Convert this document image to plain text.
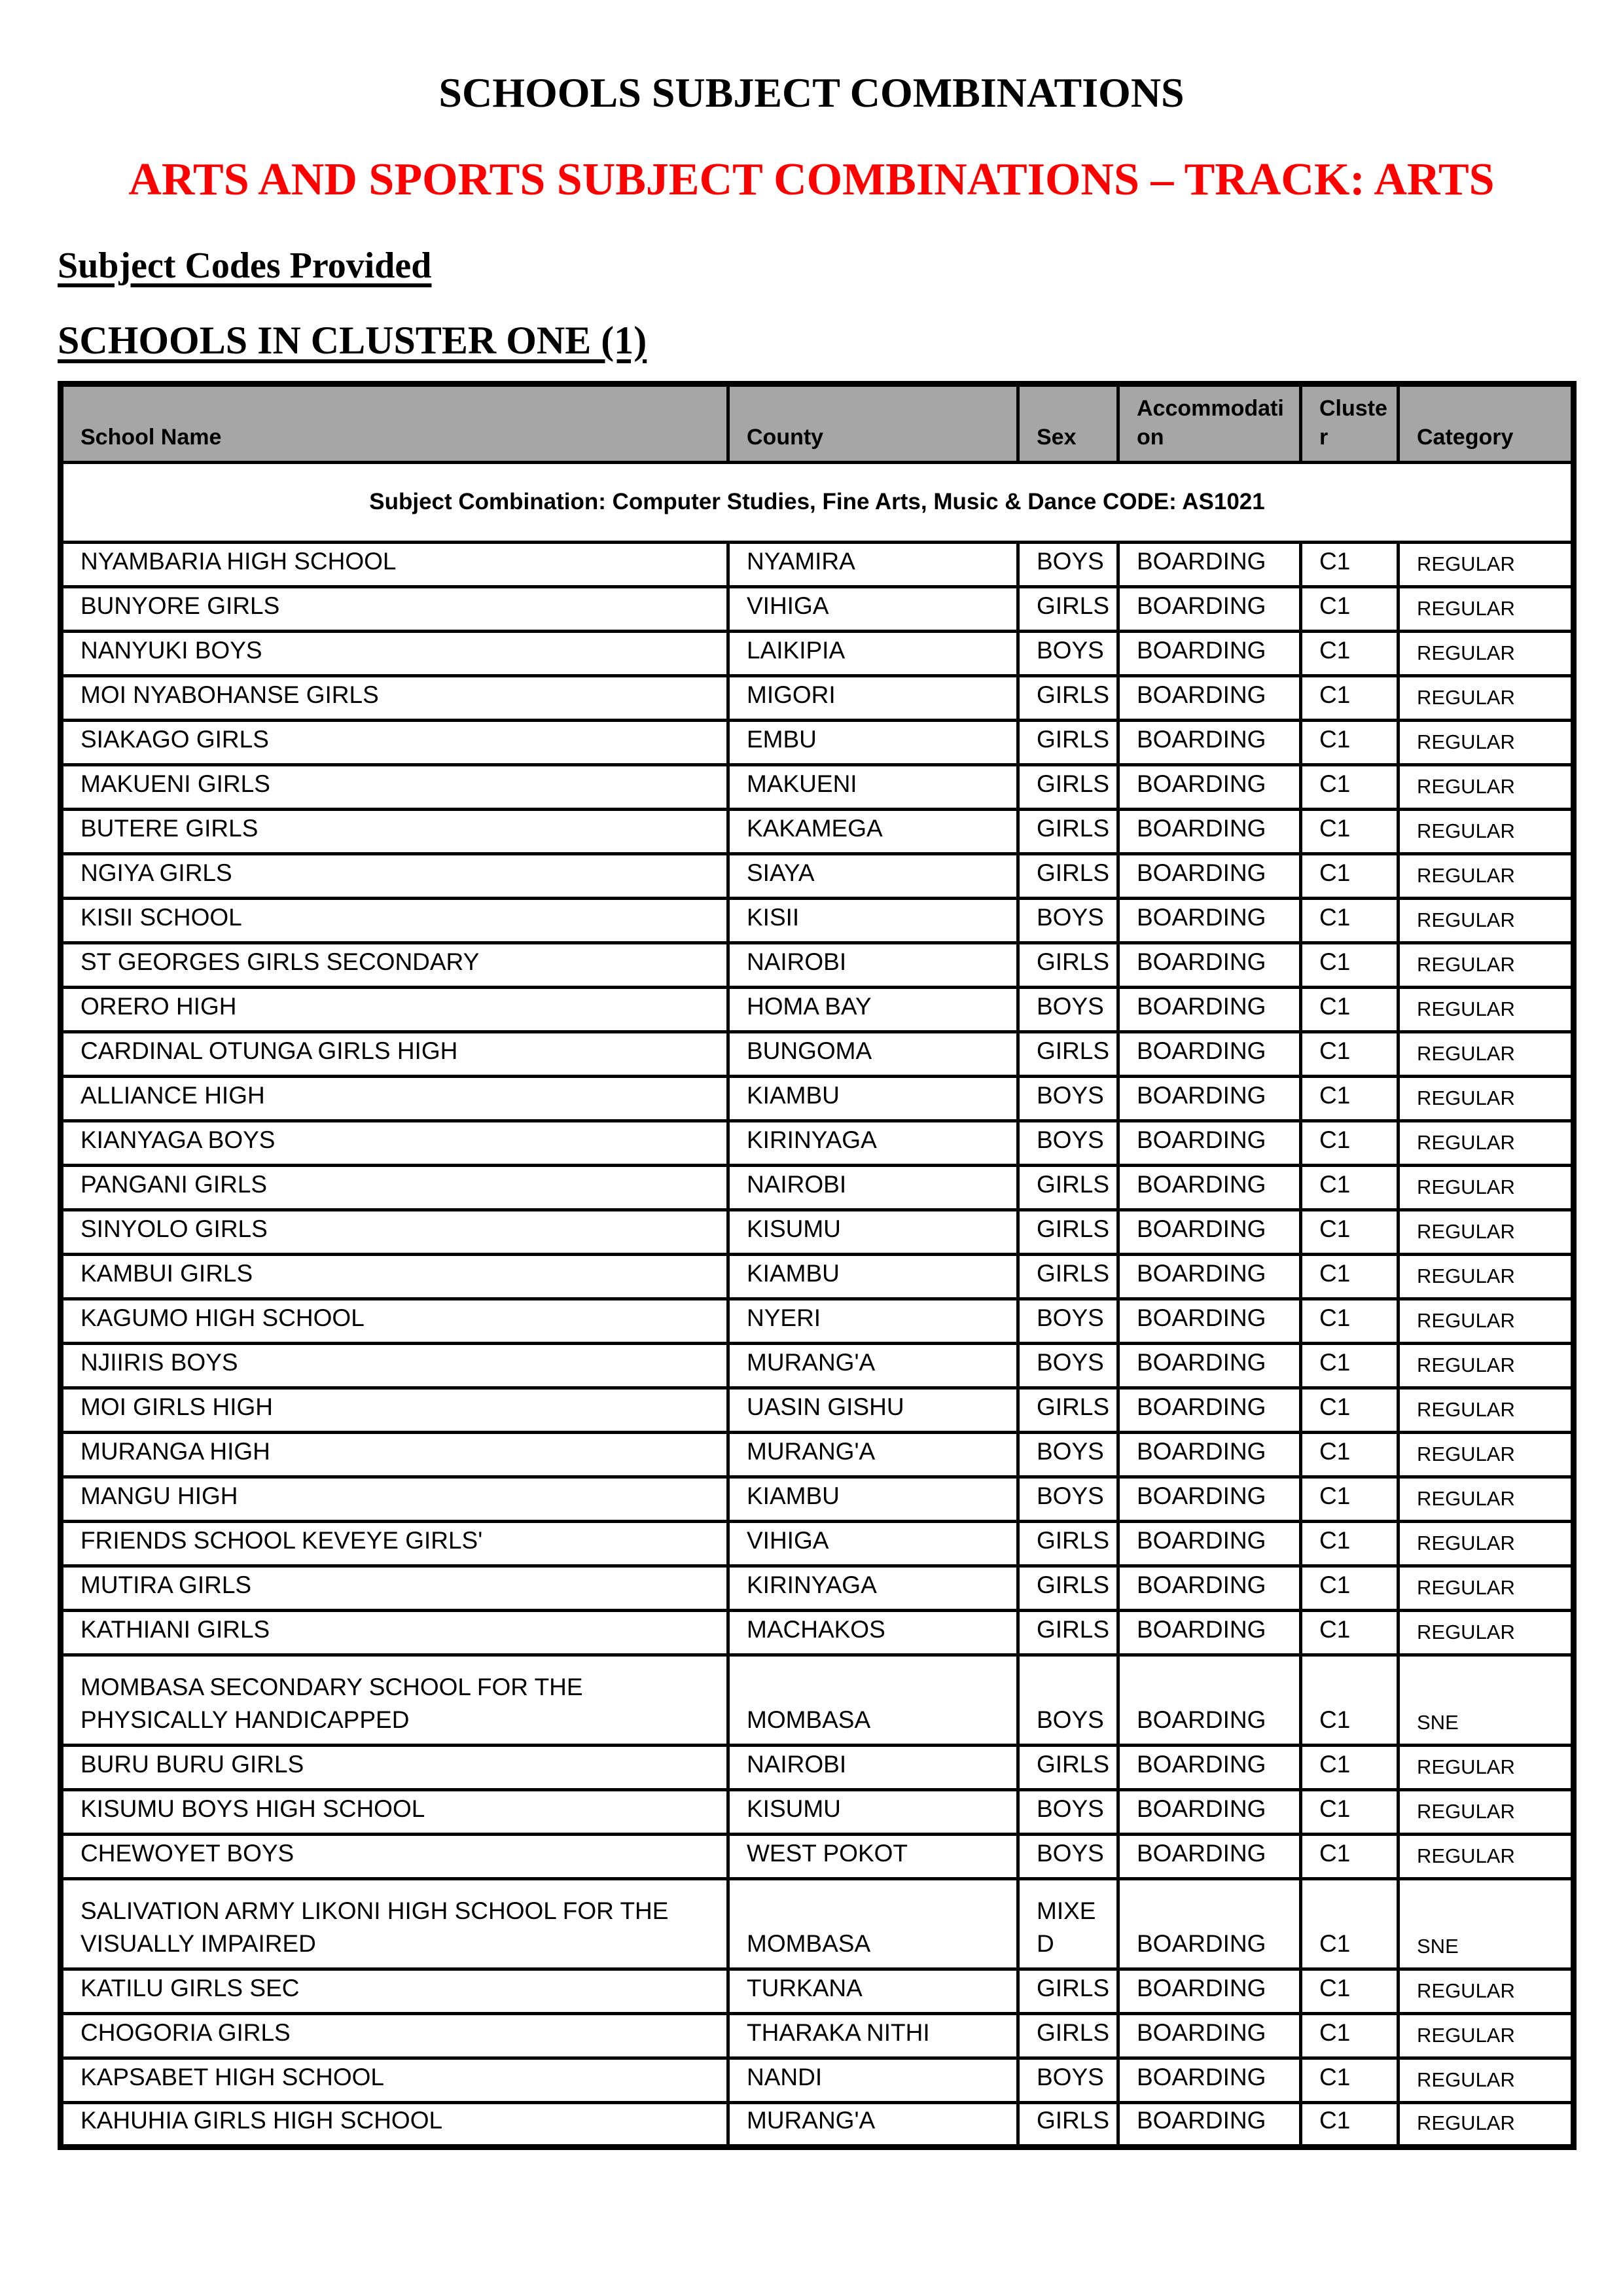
SCHOOLS SUBJECT COMBINATIONS
ARTS AND SPORTS SUBJECT COMBINATIONS – TRACK: ARTS
Subject Codes Provided
SCHOOLS IN CLUSTER ONE (1)
School Name	County	Sex	Accommodation	Cluster	Category
Subject Combination: Computer Studies, Fine Arts, Music & Dance CODE: AS1021					
NYAMBARIA HIGH SCHOOL	NYAMIRA	BOYS	BOARDING	C1	REGULAR
BUNYORE GIRLS	VIHIGA	GIRLS	BOARDING	C1	REGULAR
NANYUKI BOYS	LAIKIPIA	BOYS	BOARDING	C1	REGULAR
MOI NYABOHANSE GIRLS	MIGORI	GIRLS	BOARDING	C1	REGULAR
SIAKAGO GIRLS	EMBU	GIRLS	BOARDING	C1	REGULAR
MAKUENI GIRLS	MAKUENI	GIRLS	BOARDING	C1	REGULAR
BUTERE GIRLS	KAKAMEGA	GIRLS	BOARDING	C1	REGULAR
NGIYA GIRLS	SIAYA	GIRLS	BOARDING	C1	REGULAR
KISII SCHOOL	KISII	BOYS	BOARDING	C1	REGULAR
ST GEORGES GIRLS SECONDARY	NAIROBI	GIRLS	BOARDING	C1	REGULAR
ORERO HIGH	HOMA BAY	BOYS	BOARDING	C1	REGULAR
CARDINAL OTUNGA GIRLS HIGH	BUNGOMA	GIRLS	BOARDING	C1	REGULAR
ALLIANCE HIGH	KIAMBU	BOYS	BOARDING	C1	REGULAR
KIANYAGA BOYS	KIRINYAGA	BOYS	BOARDING	C1	REGULAR
PANGANI GIRLS	NAIROBI	GIRLS	BOARDING	C1	REGULAR
SINYOLO GIRLS	KISUMU	GIRLS	BOARDING	C1	REGULAR
KAMBUI GIRLS	KIAMBU	GIRLS	BOARDING	C1	REGULAR
KAGUMO HIGH SCHOOL	NYERI	BOYS	BOARDING	C1	REGULAR
NJIIRIS BOYS	MURANG'A	BOYS	BOARDING	C1	REGULAR
MOI GIRLS HIGH	UASIN GISHU	GIRLS	BOARDING	C1	REGULAR
MURANGA HIGH	MURANG'A	BOYS	BOARDING	C1	REGULAR
MANGU HIGH	KIAMBU	BOYS	BOARDING	C1	REGULAR
FRIENDS SCHOOL KEVEYE GIRLS'	VIHIGA	GIRLS	BOARDING	C1	REGULAR
MUTIRA GIRLS	KIRINYAGA	GIRLS	BOARDING	C1	REGULAR
KATHIANI GIRLS	MACHAKOS	GIRLS	BOARDING	C1	REGULAR
MOMBASA SECONDARY SCHOOL FOR THE PHYSICALLY HANDICAPPED	MOMBASA	BOYS	BOARDING	C1	SNE
BURU BURU GIRLS	NAIROBI	GIRLS	BOARDING	C1	REGULAR
KISUMU BOYS HIGH SCHOOL	KISUMU	BOYS	BOARDING	C1	REGULAR
CHEWOYET BOYS	WEST POKOT	BOYS	BOARDING	C1	REGULAR
SALIVATION ARMY LIKONI HIGH SCHOOL FOR THE VISUALLY IMPAIRED	MOMBASA	MIXED	BOARDING	C1	SNE
KATILU GIRLS SEC	TURKANA	GIRLS	BOARDING	C1	REGULAR
CHOGORIA GIRLS	THARAKA NITHI	GIRLS	BOARDING	C1	REGULAR
KAPSABET HIGH SCHOOL	NANDI	BOYS	BOARDING	C1	REGULAR
KAHUHIA GIRLS HIGH SCHOOL	MURANG'A	GIRLS	BOARDING	C1	REGULAR
